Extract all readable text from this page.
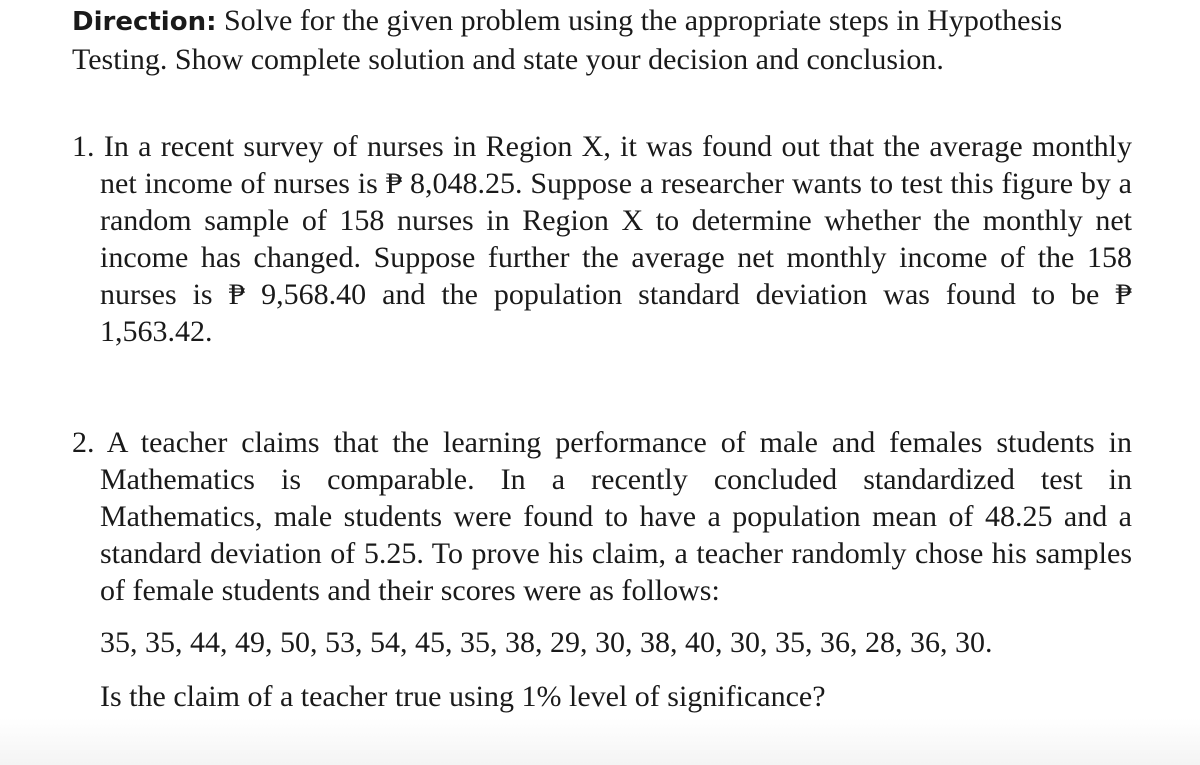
Direction: Solve for the given problem using the appropriate steps in Hypothesis Testing. Show complete solution and state your decision and conclusion.

1. In a recent survey of nurses in Region X, it was found out that the average monthly net income of nurses is ₱ 8,048.25. Suppose a researcher wants to test this figure by a random sample of 158 nurses in Region X to determine whether the monthly net income has changed. Suppose further the average net monthly income of the 158 nurses is ₱ 9,568.40 and the population standard deviation was found to be ₱ 1,563.42.

2. A teacher claims that the learning performance of male and females students in Mathematics is comparable. In a recently concluded standardized test in Mathematics, male students were found to have a population mean of 48.25 and a standard deviation of 5.25. To prove his claim, a teacher randomly chose his samples of female students and their scores were as follows:

35, 35, 44, 49, 50, 53, 54, 45, 35, 38, 29, 30, 38, 40, 30, 35, 36, 28, 36, 30.
Is the claim of a teacher true using 1% level of significance?
